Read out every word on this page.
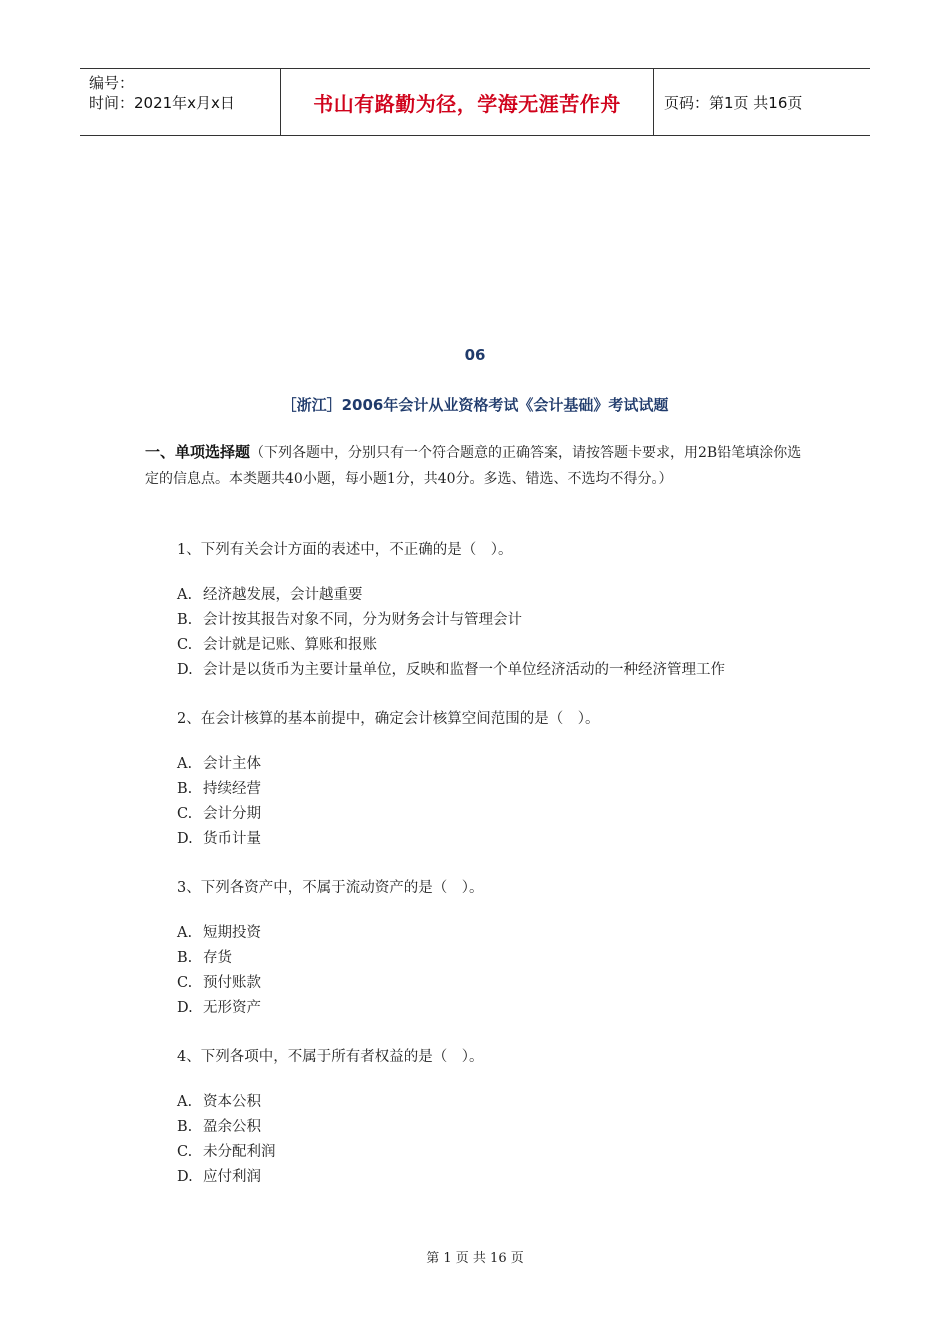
编号：
时间：2021年x月x日	书山有路勤为径，学海无涯苦作舟	页码：第1页 共16页
06
［浙江］2006年会计从业资格考试《会计基础》考试试题
一、单项选择题（下列各题中，分别只有一个符合题意的正确答案，请按答题卡要求，用2B铅笔填涂你选定的信息点。本类题共40小题，每小题1分，共40分。多选、错选、不选均不得分。）
1、下列有关会计方面的表述中，不正确的是（　）。
A. 经济越发展，会计越重要
B. 会计按其报告对象不同，分为财务会计与管理会计
C. 会计就是记账、算账和报账
D. 会计是以货币为主要计量单位，反映和监督一个单位经济活动的一种经济管理工作
2、在会计核算的基本前提中，确定会计核算空间范围的是（　）。
A. 会计主体
B. 持续经营
C. 会计分期
D. 货币计量
3、下列各资产中，不属于流动资产的是（　）。
A. 短期投资
B. 存货
C. 预付账款
D. 无形资产
4、下列各项中，不属于所有者权益的是（　）。
A. 资本公积
B. 盈余公积
C. 未分配利润
D. 应付利润
第 1 页 共 16 页
